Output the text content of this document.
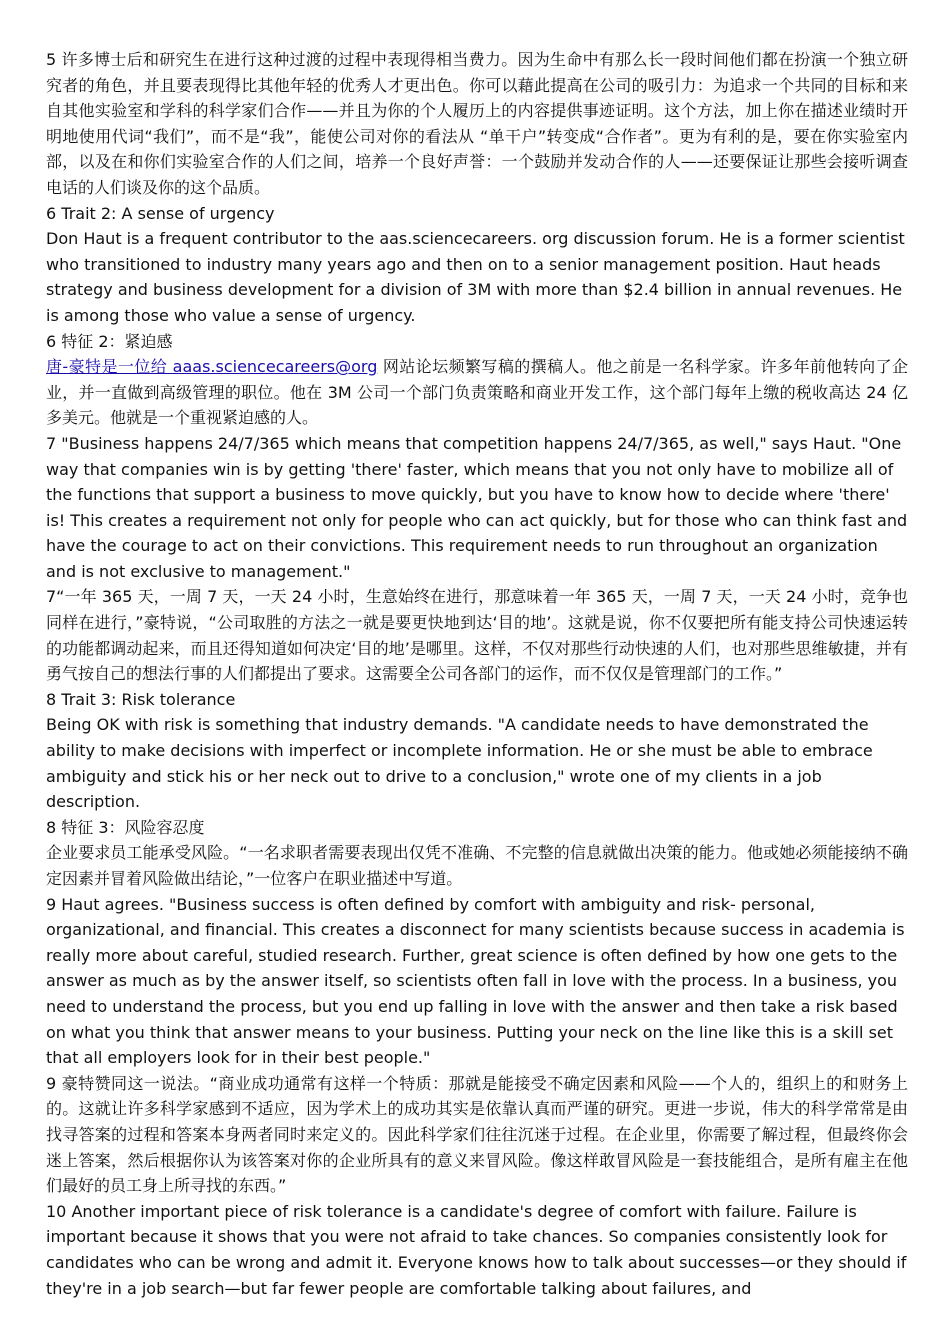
5 许多博士后和研究生在进行这种过渡的过程中表现得相当费力。因为生命中有那么长一段时间他们都在扮演一个独立研究者的角色，并且要表现得比其他年轻的优秀人才更出色。你可以藉此提高在公司的吸引力：为追求一个共同的目标和来自其他实验室和学科的科学家们合作——并且为你的个人履历上的内容提供事迹证明。这个方法，加上你在描述业绩时开明地使用代词“我们”，而不是“我”，能使公司对你的看法从 “单干户”转变成“合作者”。更为有利的是，要在你实验室内部，以及在和你们实验室合作的人们之间，培养一个良好声誉：一个鼓励并发动合作的人——还要保证让那些会接听调查电话的人们谈及你的这个品质。

6 Trait 2: A sense of urgency

Don Haut is a frequent contributor to the aas.sciencecareers. org discussion forum. He is a former scientist who transitioned to industry many years ago and then on to a senior management position. Haut heads strategy and business development for a division of 3M with more than $2.4 billion in annual revenues. He is among those who value a sense of urgency.

6 特征 2：紧迫感

唐-豪特是一位给 aaas.sciencecareers@org 网站论坛频繁写稿的撰稿人。他之前是一名科学家。许多年前他转向了企业，并一直做到高级管理的职位。他在 3M 公司一个部门负责策略和商业开发工作，这个部门每年上缴的税收高达 24 亿多美元。他就是一个重视紧迫感的人。

7 "Business happens 24/7/365 which means that competition happens 24/7/365, as well," says Haut. "One way that companies win is by getting 'there' faster, which means that you not only have to mobilize all of the functions that support a business to move quickly, but you have to know how to decide where 'there' is! This creates a requirement not only for people who can act quickly, but for those who can think fast and have the courage to act on their convictions. This requirement needs to run throughout an organization and is not exclusive to management."

7“一年 365 天，一周 7 天，一天 24 小时，生意始终在进行，那意味着一年 365 天，一周 7 天，一天 24 小时，竞争也同样在进行，”豪特说，“公司取胜的方法之一就是要更快地到达‘目的地’。这就是说，你不仅要把所有能支持公司快速运转的功能都调动起来，而且还得知道如何决定‘目的地’是哪里。这样，不仅对那些行动快速的人们，也对那些思维敏捷，并有勇气按自己的想法行事的人们都提出了要求。这需要全公司各部门的运作，而不仅仅是管理部门的工作。”

8 Trait 3: Risk tolerance

Being OK with risk is something that industry demands. "A candidate needs to have demonstrated the ability to make decisions with imperfect or incomplete information. He or she must be able to embrace ambiguity and stick his or her neck out to drive to a conclusion," wrote one of my clients in a job description.

8 特征 3：风险容忍度

企业要求员工能承受风险。“一名求职者需要表现出仅凭不准确、不完整的信息就做出决策的能力。他或她必须能接纳不确定因素并冒着风险做出结论，”一位客户在职业描述中写道。

9 Haut agrees. "Business success is often defined by comfort with ambiguity and risk- personal, organizational, and financial. This creates a disconnect for many scientists because success in academia is really more about careful, studied research. Further, great science is often defined by how one gets to the answer as much as by the answer itself, so scientists often fall in love with the process. In a business, you need to understand the process, but you end up falling in love with the answer and then take a risk based on what you think that answer means to your business. Putting your neck on the line like this is a skill set that all employers look for in their best people."

9 豪特赞同这一说法。“商业成功通常有这样一个特质：那就是能接受不确定因素和风险——个人的，组织上的和财务上的。这就让许多科学家感到不适应，因为学术上的成功其实是依靠认真而严谨的研究。更进一步说，伟大的科学常常是由找寻答案的过程和答案本身两者同时来定义的。因此科学家们往往沉迷于过程。在企业里，你需要了解过程，但最终你会迷上答案，然后根据你认为该答案对你的企业所具有的意义来冒风险。像这样敢冒风险是一套技能组合，是所有雇主在他们最好的员工身上所寻找的东西。”

10 Another important piece of risk tolerance is a candidate's degree of comfort with failure. Failure is important because it shows that you were not afraid to take chances. So companies consistently look for candidates who can be wrong and admit it. Everyone knows how to talk about successes—or they should if they're in a job search—but far fewer people are comfortable talking about failures, and
